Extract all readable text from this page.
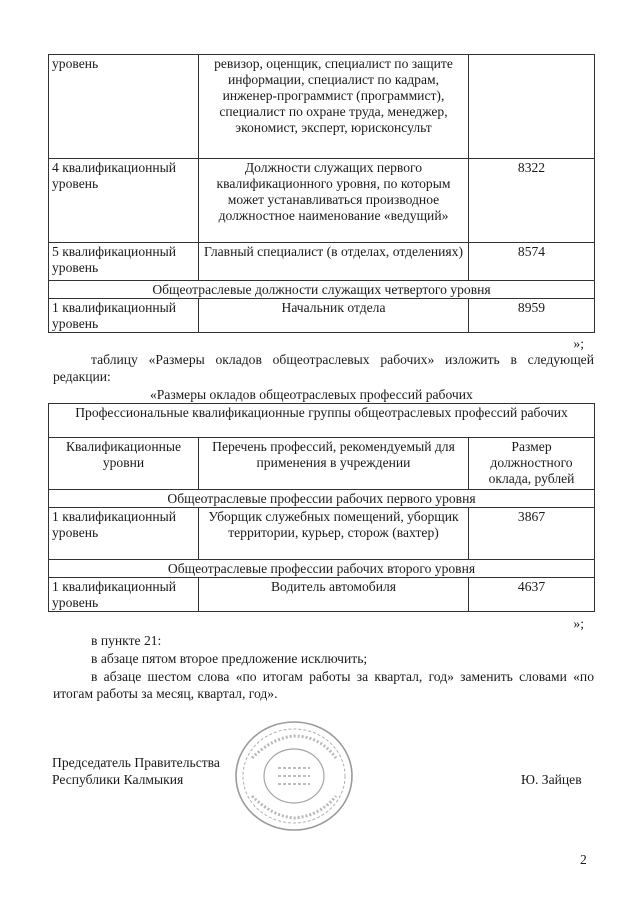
уровень	ревизор, оценщик, специалист по защите информации, специалист по кадрам, инженер-программист (программист), специалист по охране труда, менеджер, экономист, эксперт, юрисконсульт	
4 квалификационный уровень	Должности служащих первого квалификационного уровня, по которым может устанавливаться производное должностное наименование «ведущий»	8322
5 квалификационный уровень	Главный специалист (в отделах, отделениях)	8574
Общеотраслевые должности служащих четвертого уровня		
1 квалификационный уровень	Начальник отдела	8959
»;
таблицу «Размеры окладов общеотраслевых рабочих» изложить в следующей редакции:
«Размеры окладов общеотраслевых профессий рабочих
Профессиональные квалификационные группы общеотраслевых профессий рабочих		
Квалификационные уровни	Перечень профессий, рекомендуемый для применения в учреждении	Размер должностного оклада, рублей
Общеотраслевые профессии рабочих первого уровня		
1 квалификационный уровень	Уборщик служебных помещений, уборщик территории, курьер, сторож (вахтер)	3867
Общеотраслевые профессии рабочих второго уровня		
1 квалификационный уровень	Водитель автомобиля	4637
»;
в пункте 21:
в абзаце пятом второе предложение исключить;
в абзаце шестом слова «по итогам работы за квартал, год» заменить словами «по итогам работы за месяц, квартал, год».
Председатель Правительства
Республики Калмыкия	Ю. Зайцев
2
